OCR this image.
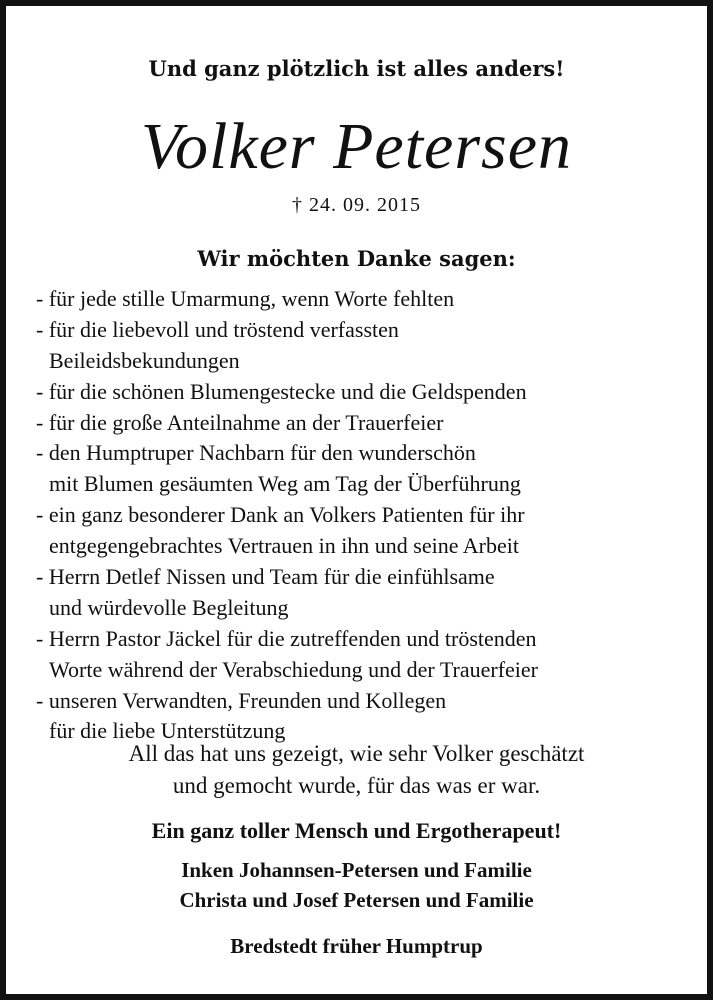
Und ganz plötzlich ist alles anders!
Volker Petersen
† 24. 09. 2015
Wir möchten Danke sagen:
- für jede stille Umarmung, wenn Worte fehlten
- für die liebevoll und tröstend verfassten
Beileidsbekundungen
- für die schönen Blumengestecke und die Geldspenden
- für die große Anteilnahme an der Trauerfeier
- den Humptruper Nachbarn für den wunderschön
mit Blumen gesäumten Weg am Tag der Überführung
- ein ganz besonderer Dank an Volkers Patienten für ihr
entgegengebrachtes Vertrauen in ihn und seine Arbeit
- Herrn Detlef Nissen und Team für die einfühlsame
und würdevolle Begleitung
- Herrn Pastor Jäckel für die zutreffenden und tröstenden
Worte während der Verabschiedung und der Trauerfeier
- unseren Verwandten, Freunden und Kollegen
für die liebe Unterstützung
All das hat uns gezeigt, wie sehr Volker geschätzt
und gemocht wurde, für das was er war.
Ein ganz toller Mensch und Ergotherapeut!
Inken Johannsen-Petersen und Familie
Christa und Josef Petersen und Familie
Bredstedt früher Humptrup
